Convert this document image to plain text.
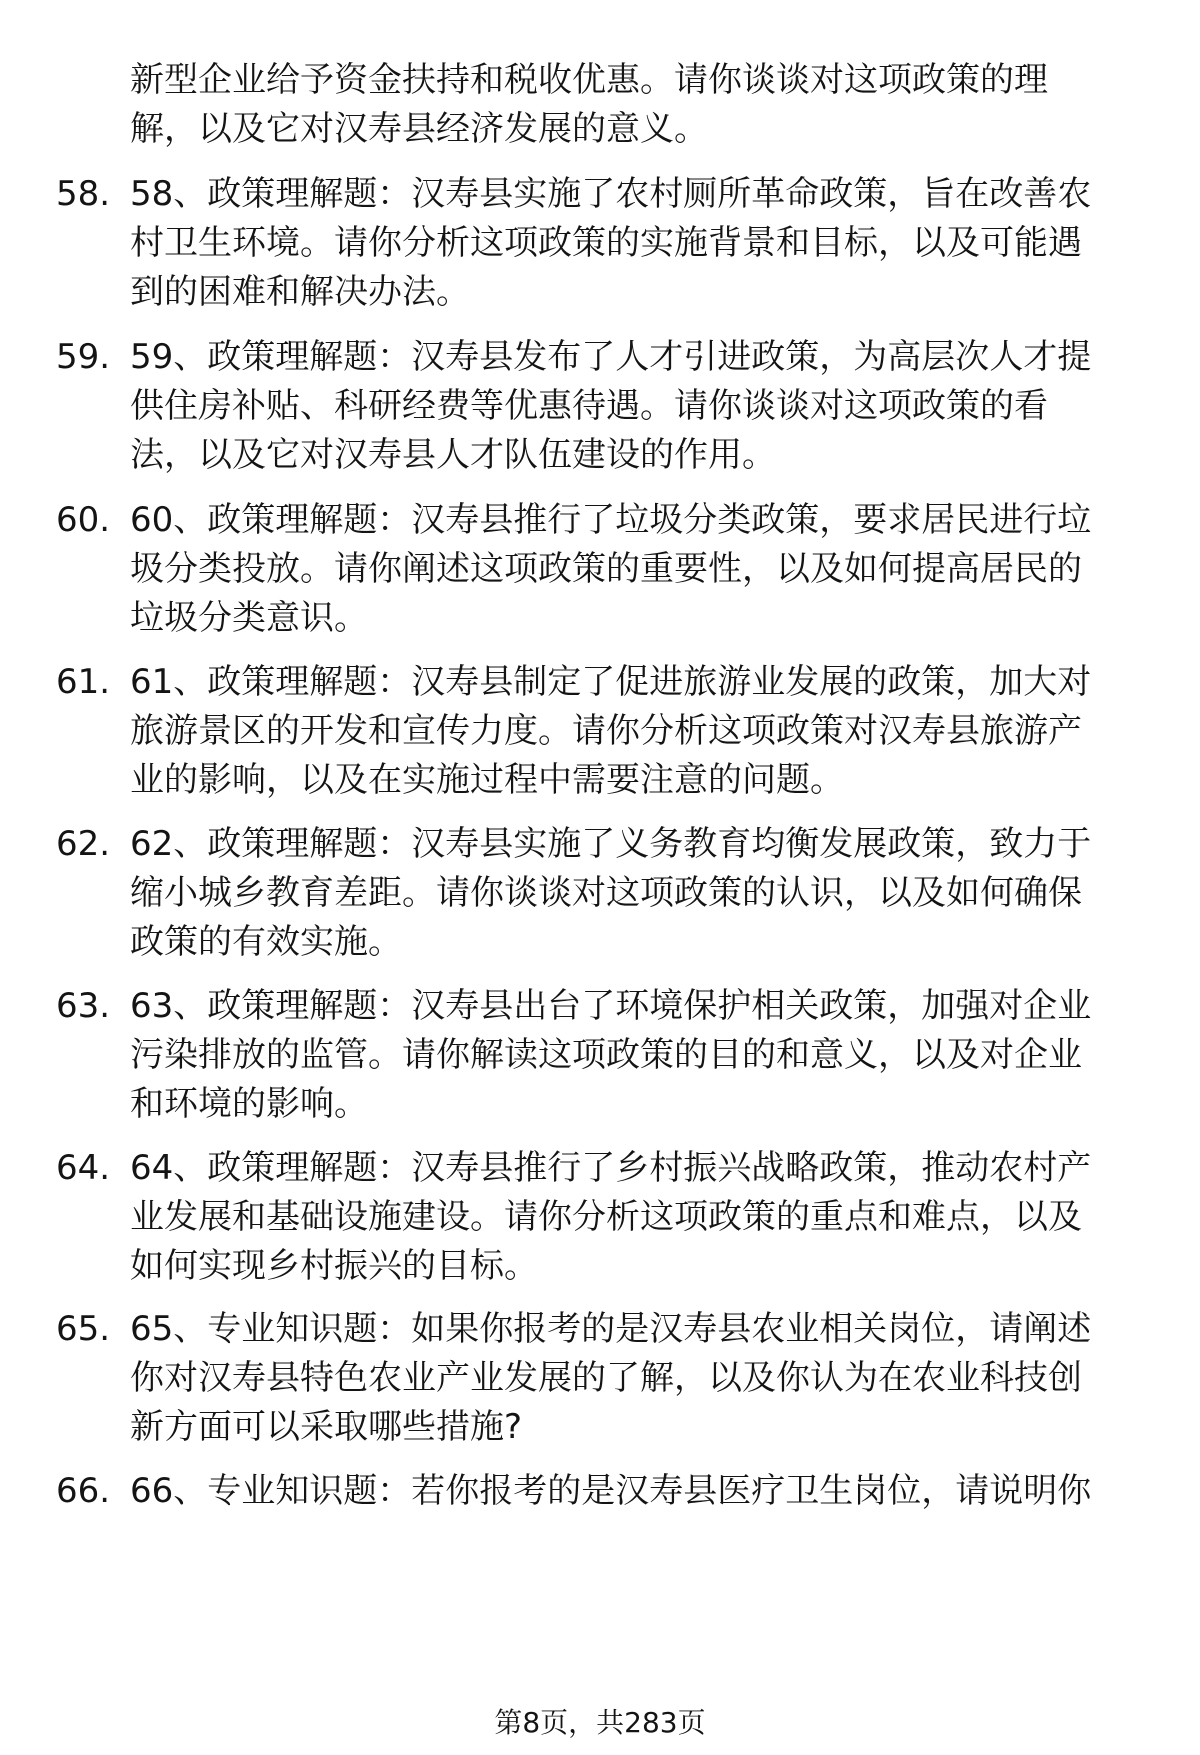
新型企业给予资金扶持和税收优惠。请你谈谈对这项政策的理
解，以及它对汉寿县经济发展的意义。

58. 58、政策理解题：汉寿县实施了农村厕所革命政策，旨在改善农
村卫生环境。请你分析这项政策的实施背景和目标，以及可能遇
到的困难和解决办法。

59. 59、政策理解题：汉寿县发布了人才引进政策，为高层次人才提
供住房补贴、科研经费等优惠待遇。请你谈谈对这项政策的看
法，以及它对汉寿县人才队伍建设的作用。

60. 60、政策理解题：汉寿县推行了垃圾分类政策，要求居民进行垃
圾分类投放。请你阐述这项政策的重要性，以及如何提高居民的
垃圾分类意识。

61. 61、政策理解题：汉寿县制定了促进旅游业发展的政策，加大对
旅游景区的开发和宣传力度。请你分析这项政策对汉寿县旅游产
业的影响，以及在实施过程中需要注意的问题。

62. 62、政策理解题：汉寿县实施了义务教育均衡发展政策，致力于
缩小城乡教育差距。请你谈谈对这项政策的认识，以及如何确保
政策的有效实施。

63. 63、政策理解题：汉寿县出台了环境保护相关政策，加强对企业
污染排放的监管。请你解读这项政策的目的和意义，以及对企业
和环境的影响。

64. 64、政策理解题：汉寿县推行了乡村振兴战略政策，推动农村产
业发展和基础设施建设。请你分析这项政策的重点和难点，以及
如何实现乡村振兴的目标。

65. 65、专业知识题：如果你报考的是汉寿县农业相关岗位，请阐述
你对汉寿县特色农业产业发展的了解，以及你认为在农业科技创
新方面可以采取哪些措施?

66. 66、专业知识题：若你报考的是汉寿县医疗卫生岗位，请说明你

第8页，共283页
